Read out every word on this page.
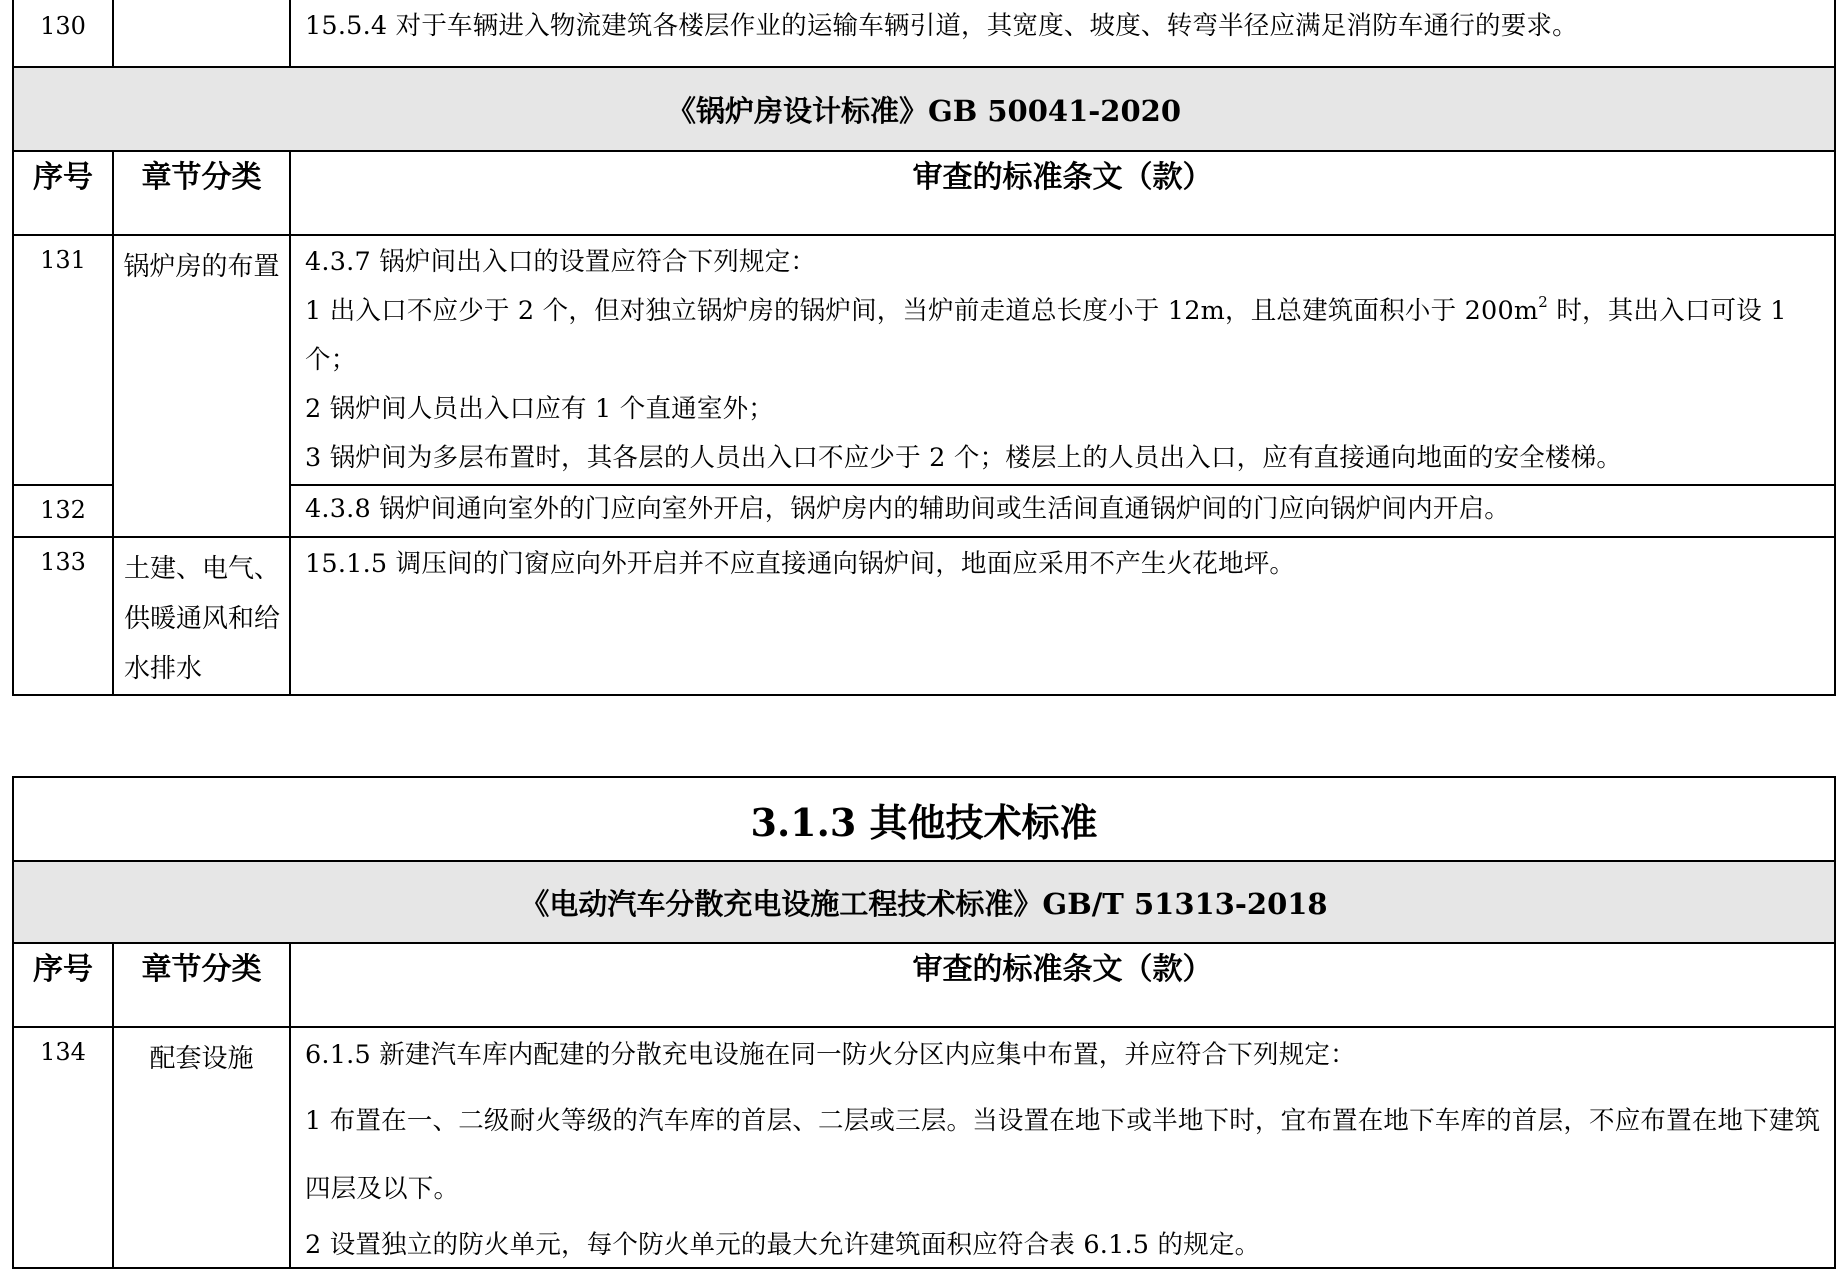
130		15.5.4 对于车辆进入物流建筑各楼层作业的运输车辆引道，其宽度、坡度、转弯半径应满足消防车通行的要求。
《锅炉房设计标准》GB 50041-2020		
序号	章节分类	审查的标准条文（款）
131	锅炉房的布置	4.3.7 锅炉间出入口的设置应符合下列规定：

1 出入口不应少于 2 个，但对独立锅炉房的锅炉间，当炉前走道总长度小于 12m，且总建筑面积小于 $200m^2$ 时，其出入口可设 1 个；

2 锅炉间人员出入口应有 1 个直通室外；

3 锅炉间为多层布置时，其各层的人员出入口不应少于 2 个；楼层上的人员出入口，应有直接通向地面的安全楼梯。

132		4.3.8 锅炉间通向室外的门应向室外开启，锅炉房内的辅助间或生活间直通锅炉间的门应向锅炉间内开启。
133	土建、电气、供暖通风和给水排水	15.1.5 调压间的门窗应向外开启并不应直接通向锅炉间，地面应采用不产生火花地坪。
3.1.3 其他技术标准		
《电动汽车分散充电设施工程技术标准》GB/T 51313-2018		
序号	章节分类	审查的标准条文（款）
134	配套设施	6.1.5 新建汽车库内配建的分散充电设施在同一防火分区内应集中布置，并应符合下列规定：

1 布置在一、二级耐火等级的汽车库的首层、二层或三层。当设置在地下或半地下时，宜布置在地下车库的首层，不应布置在地下建筑四层及以下。

2 设置独立的防火单元，每个防火单元的最大允许建筑面积应符合表 6.1.5 的规定。
